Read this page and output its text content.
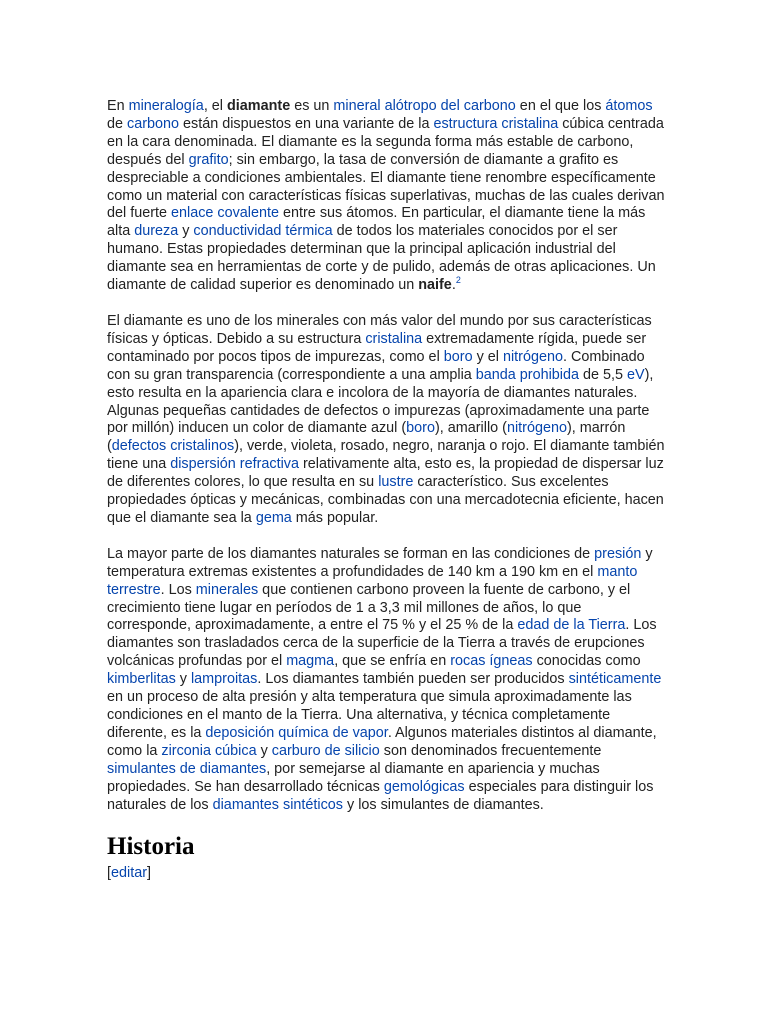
En mineralogía, el diamante es un mineral alótropo del carbono en el que los átomos de carbono están dispuestos en una variante de la estructura cristalina cúbica centrada en la cara denominada. El diamante es la segunda forma más estable de carbono, después del grafito; sin embargo, la tasa de conversión de diamante a grafito es despreciable a condiciones ambientales. El diamante tiene renombre específicamente como un material con características físicas superlativas, muchas de las cuales derivan del fuerte enlace covalente entre sus átomos. En particular, el diamante tiene la más alta dureza y conductividad térmica de todos los materiales conocidos por el ser humano. Estas propiedades determinan que la principal aplicación industrial del diamante sea en herramientas de corte y de pulido, además de otras aplicaciones. Un diamante de calidad superior es denominado un naife.$^2$

El diamante es uno de los minerales con más valor del mundo por sus características físicas y ópticas. Debido a su estructura cristalina extremadamente rígida, puede ser contaminado por pocos tipos de impurezas, como el boro y el nitrógeno. Combinado con su gran transparencia (correspondiente a una amplia banda prohibida de 5,5 eV), esto resulta en la apariencia clara e incolora de la mayoría de diamantes naturales. Algunas pequeñas cantidades de defectos o impurezas (aproximadamente una parte por millón) inducen un color de diamante azul (boro), amarillo (nitrógeno), marrón (defectos cristalinos), verde, violeta, rosado, negro, naranja o rojo. El diamante también tiene una dispersión refractiva relativamente alta, esto es, la propiedad de dispersar luz de diferentes colores, lo que resulta en su lustre característico. Sus excelentes propiedades ópticas y mecánicas, combinadas con una mercadotecnia eficiente, hacen que el diamante sea la gema más popular.

La mayor parte de los diamantes naturales se forman en las condiciones de presión y temperatura extremas existentes a profundidades de 140 km a 190 km en el manto terrestre. Los minerales que contienen carbono proveen la fuente de carbono, y el crecimiento tiene lugar en períodos de 1 a 3,3 mil millones de años, lo que corresponde, aproximadamente, a entre el 75 % y el 25 % de la edad de la Tierra. Los diamantes son trasladados cerca de la superficie de la Tierra a través de erupciones volcánicas profundas por el magma, que se enfría en rocas ígneas conocidas como kimberlitas y lamproitas. Los diamantes también pueden ser producidos sintéticamente en un proceso de alta presión y alta temperatura que simula aproximadamente las condiciones en el manto de la Tierra. Una alternativa, y técnica completamente diferente, es la deposición química de vapor. Algunos materiales distintos al diamante, como la zirconia cúbica y carburo de silicio son denominados frecuentemente simulantes de diamantes, por semejarse al diamante en apariencia y muchas propiedades. Se han desarrollado técnicas gemológicas especiales para distinguir los naturales de los diamantes sintéticos y los simulantes de diamantes.

Historia
[editar]
